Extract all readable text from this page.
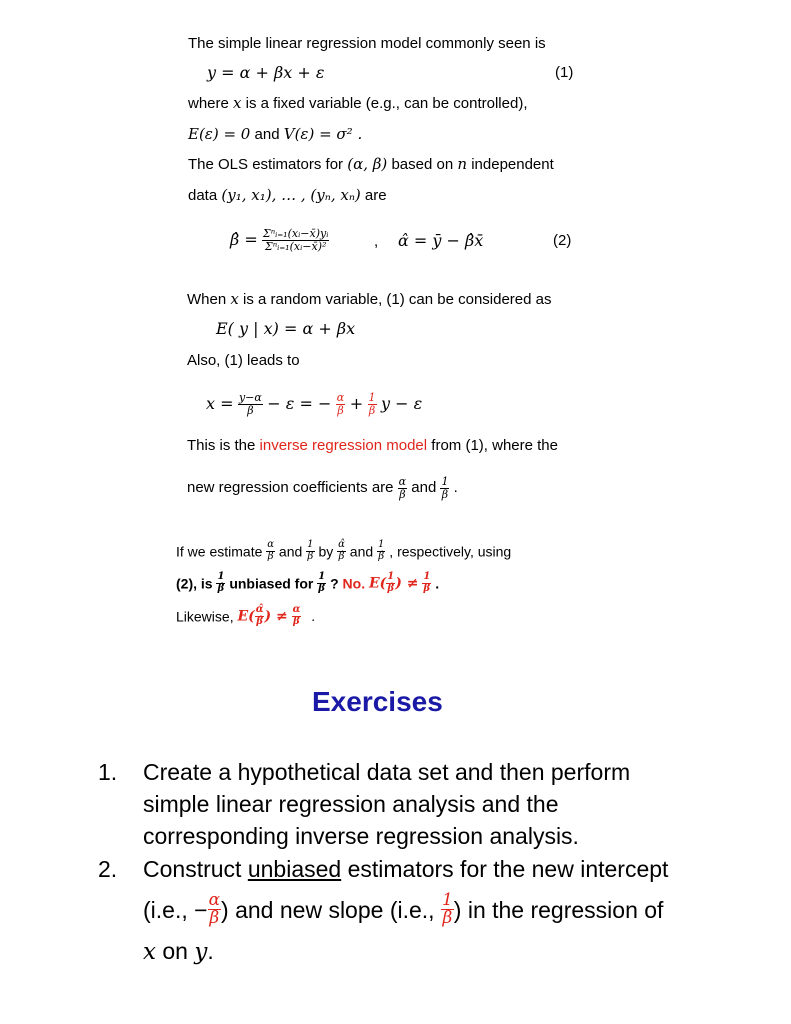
The simple linear regression model commonly seen is
y = α + βx + ε	(1)
where x is a fixed variable (e.g., can be controlled),
E(ε) = 0 and V(ε) = σ² .
The OLS estimators for (α, β) based on n independent
data (y₁, x₁), … , (yₙ, xₙ) are
β̂ = $\frac{\text{Σⁿᵢ₌₁(xᵢ−x̄)yᵢ}}{\text{Σⁿᵢ₌₁(xᵢ−x̄)²}}$	, α̂ = ȳ − β̂x̄	(2)
When x is a random variable, (1) can be considered as
E( y | x) = α + βx
Also, (1) leads to
$x = \frac{y-\alpha}{\beta} - \varepsilon$ = − $\frac{\alpha}{\beta} + \frac{1}{\beta}$ y − ε
This is the inverse regression model from (1), where the
new regression coefficients are $\frac{\alpha}{\beta}$ and $\frac{1}{\beta}$ .
If we estimate $\frac{\alpha}{\beta}$ and $\frac{1}{\beta}$ by $\frac{\alphâ}{\betâ}$ and $\frac{1}{\betâ}$ , respectively, using
(2), is $\frac{1}{\betâ}$ unbiased for $\frac{1}{\beta}$ ? No. $E( \frac{1}{\betâ}$ ) ≠ $\frac{1}{\beta}$ .
Likewise, $E( \frac{\alphâ}{\betâ}$ ) ≠ $\frac{\alpha}{\beta}$ .
Exercises
1. Create a hypothetical data set and then perform
simple linear regression analysis and the
corresponding inverse regression analysis.
2. Construct unbiased estimators for the new intercept
(i.e., − $\frac{\alpha}{\beta}$ ) and new slope (i.e., $\frac{1}{\beta}$ ) in the regression of
x on y.
